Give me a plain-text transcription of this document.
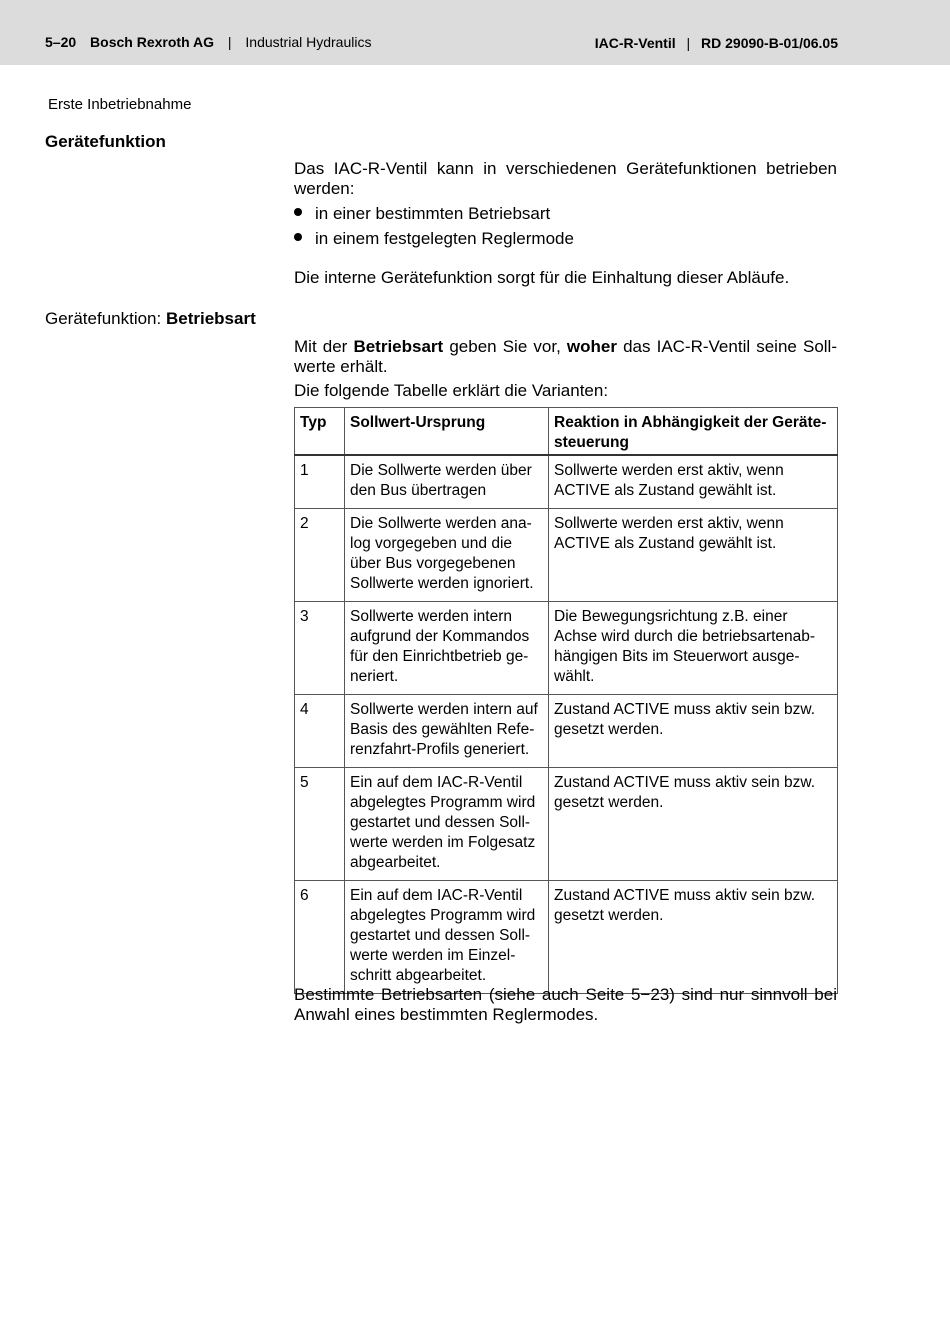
5–20 Bosch Rexroth AG | Industrial Hydraulics	IAC-R-Ventil | RD 29090-B-01/06.05
Erste Inbetriebnahme
Gerätefunktion
Das IAC-R-Ventil kann in verschiedenen Gerätefunktionen betrieben werden:
in einer bestimmten Betriebsart
in einem festgelegten Reglermode
Die interne Gerätefunktion sorgt für die Einhaltung dieser Abläufe.
Gerätefunktion: Betriebsart
Mit der Betriebsart geben Sie vor, woher das IAC-R-Ventil seine Soll- werte erhält.
Die folgende Tabelle erklärt die Varianten:
Typ	Sollwert-Ursprung	Reaktion in Abhängigkeit der Geräte- steuerung
1	Die Sollwerte werden über den Bus übertragen	Sollwerte werden erst aktiv, wenn ACTIVE als Zustand gewählt ist.
2	Die Sollwerte werden ana- log vorgegeben und die über Bus vorgegebenen Sollwerte werden ignoriert.	Sollwerte werden erst aktiv, wenn ACTIVE als Zustand gewählt ist.
3	Sollwerte werden intern aufgrund der Kommandos für den Einrichtbetrieb ge- neriert.	Die Bewegungsrichtung z.B. einer Achse wird durch die betriebsartenab- hängigen Bits im Steuerwort ausge- wählt.
4	Sollwerte werden intern auf Basis des gewählten Refe- renzfahrt-Profils generiert.	Zustand ACTIVE muss aktiv sein bzw. gesetzt werden.
5	Ein auf dem IAC-R-Ventil abgelegtes Programm wird gestartet und dessen Soll- werte werden im Folgesatz abgearbeitet.	Zustand ACTIVE muss aktiv sein bzw. gesetzt werden.
6	Ein auf dem IAC-R-Ventil abgelegtes Programm wird gestartet und dessen Soll- werte werden im Einzel- schritt abgearbeitet.	Zustand ACTIVE muss aktiv sein bzw. gesetzt werden.
Bestimmte Betriebsarten (siehe auch Seite 5−23) sind nur sinnvoll bei Anwahl eines bestimmten Reglermodes.
